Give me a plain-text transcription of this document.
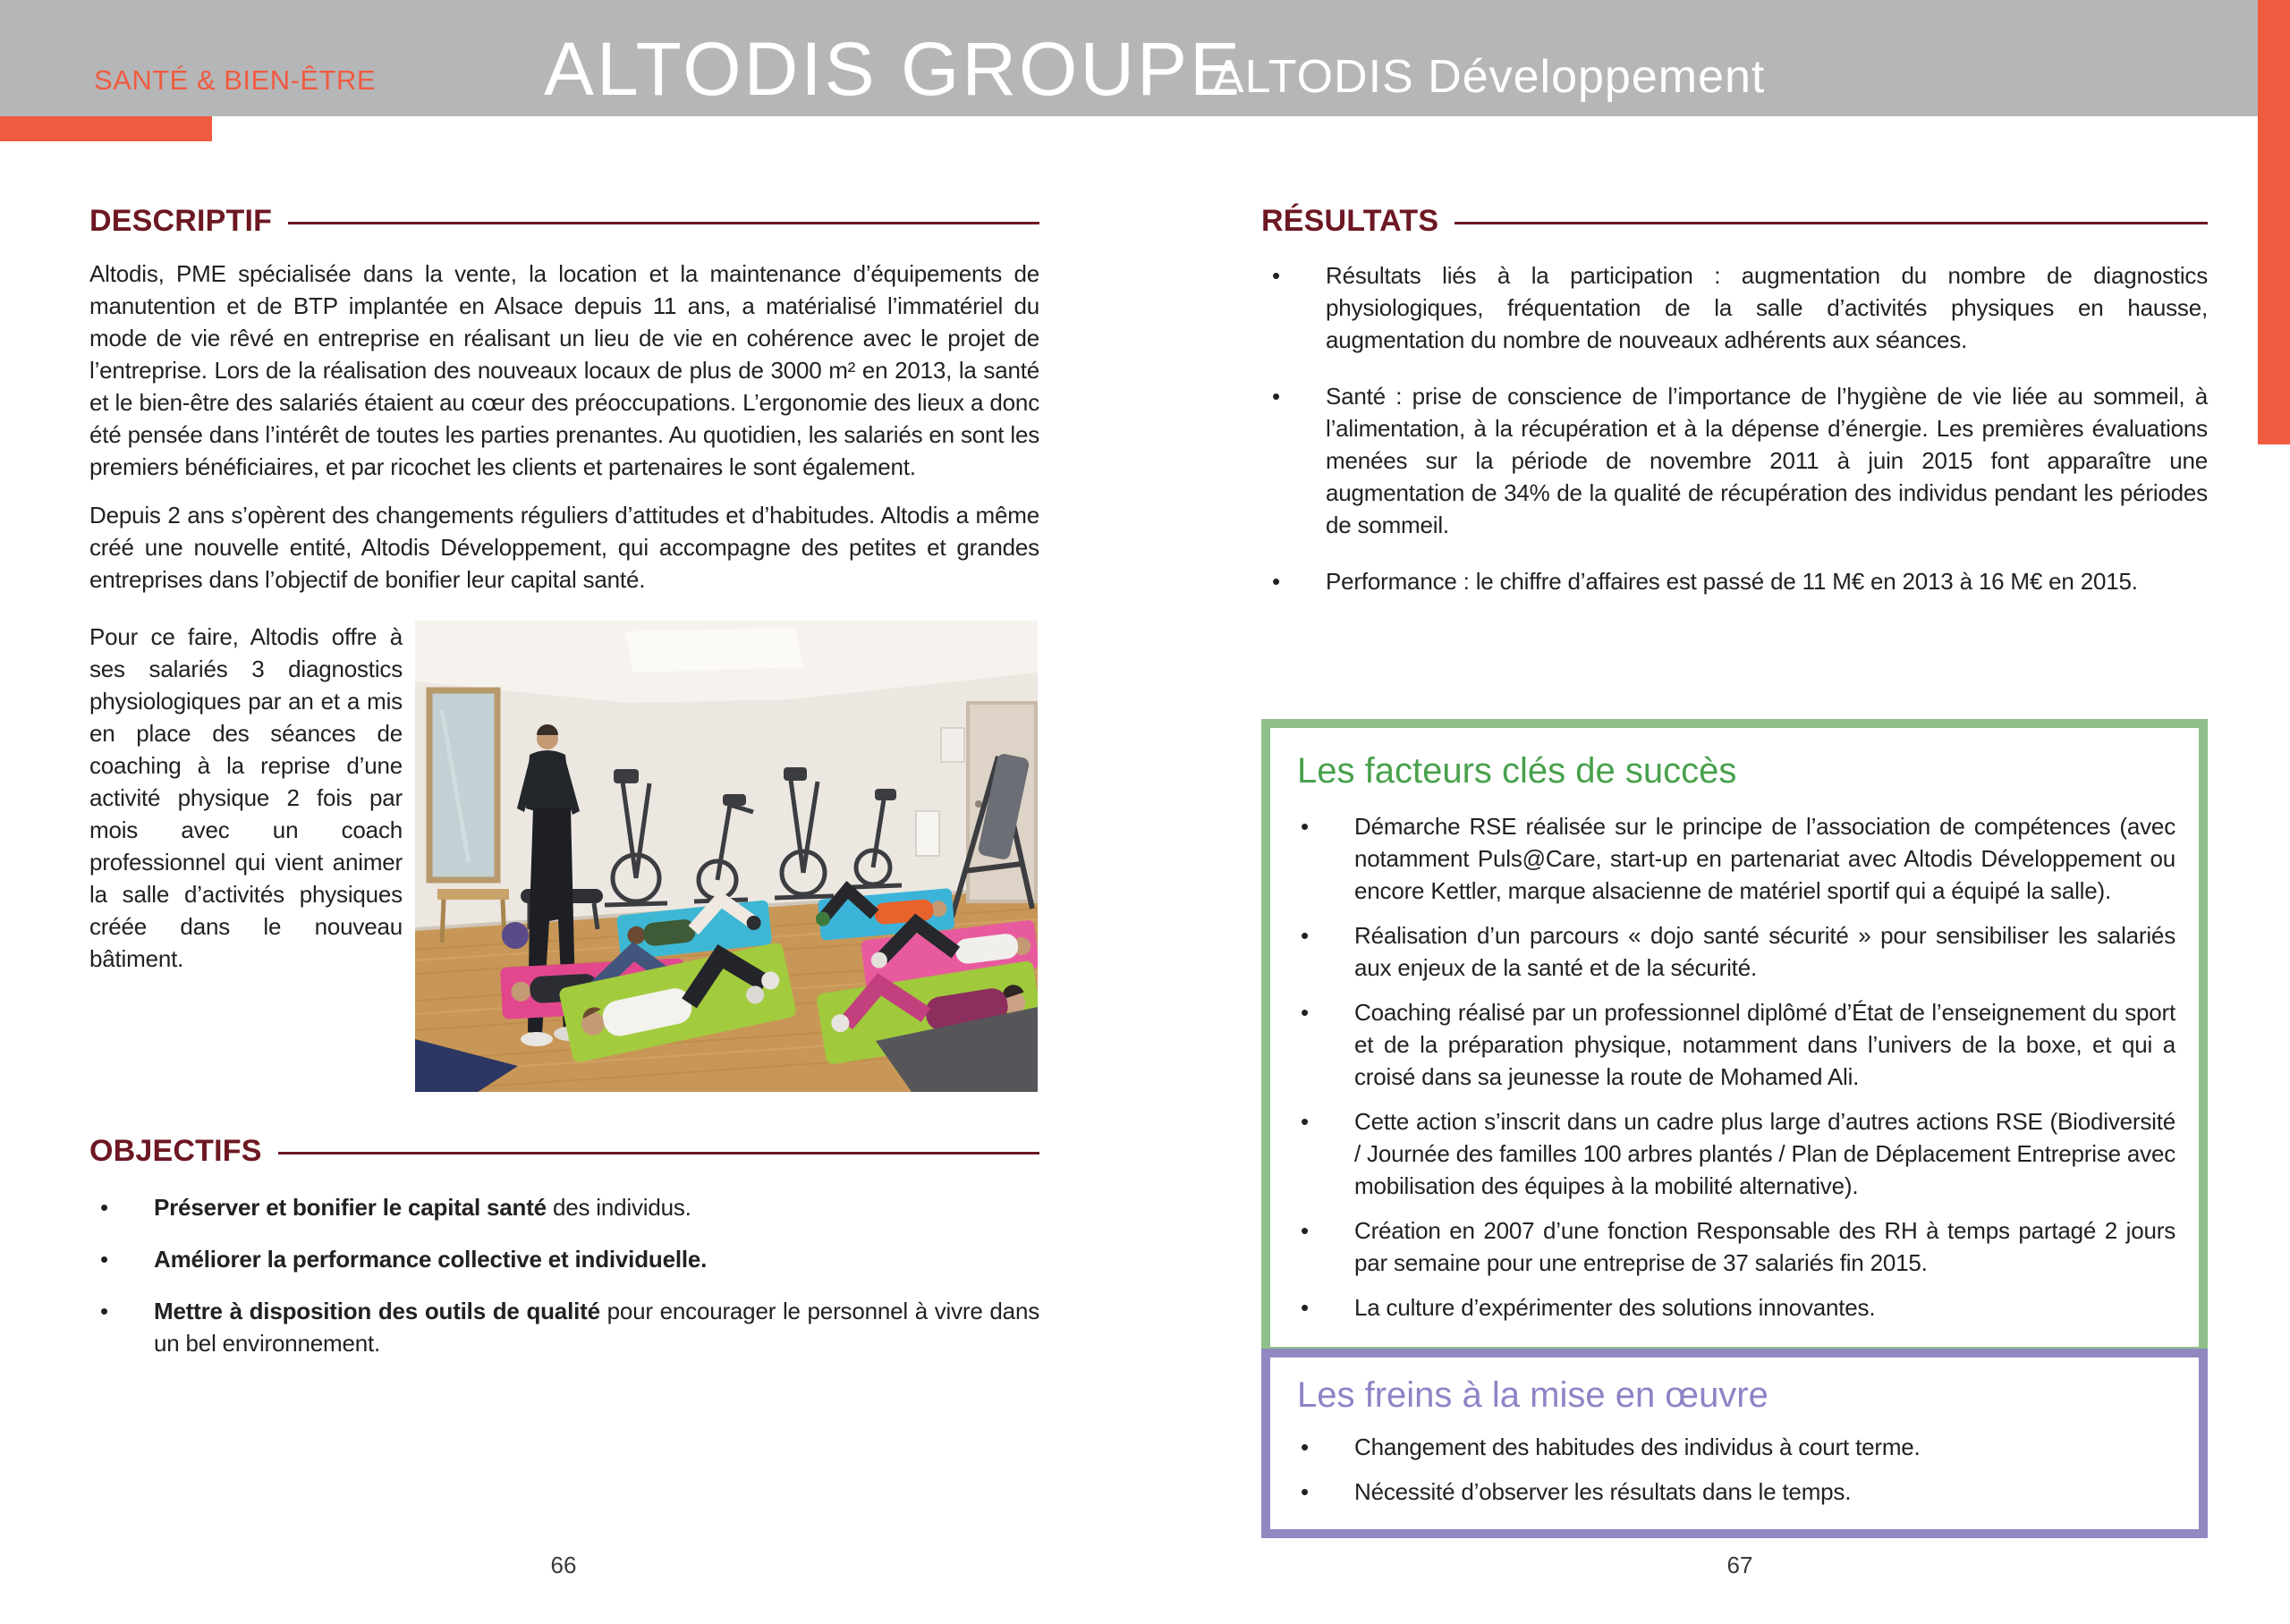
SANTÉ & BIEN-ÊTRE ALTODIS GROUPE
ALTODIS Développement
DESCRIPTIF

Altodis, PME spécialisée dans la vente, la location et la maintenance d’équipements de manutention et de BTP implantée en Alsace depuis 11 ans, a matérialisé l’immatériel du mode de vie rêvé en entreprise en réalisant un lieu de vie en cohérence avec le projet de l’entreprise. Lors de la réalisation des nouveaux locaux de plus de 3000 m² en 2013, la santé et le bien-être des salariés étaient au cœur des préoccupations. L’ergonomie des lieux a donc été pensée dans l’intérêt de toutes les parties prenantes. Au quotidien, les salariés en sont les premiers bénéficiaires, et par ricochet les clients et partenaires le sont également.

Depuis 2 ans s’opèrent des changements réguliers d’attitudes et d’habitudes. Altodis a même créé une nouvelle entité, Altodis Développement, qui accompagne des petites et grandes entreprises dans l’objectif de bonifier leur capital santé.

Pour ce faire, Altodis offre à ses salariés 3 diagnostics physiologiques par an et a mis en place des séances de coaching à la reprise d’une activité physique 2 fois par mois avec un coach professionnel qui vient animer la salle d’activités physiques créée dans le nouveau bâtiment.

OBJECTIFS
• Préserver et bonifier le capital santé des individus.
• Améliorer la performance collective et individuelle.
• Mettre à disposition des outils de qualité pour encourager le personnel à vivre dans un bel environnement.
RÉSULTATS
• Résultats liés à la participation : augmentation du nombre de diagnostics physiologiques, fréquentation de la salle d’activités physiques en hausse, augmentation du nombre de nouveaux adhérents aux séances.
• Santé : prise de conscience de l’importance de l’hygiène de vie liée au sommeil, à l’alimentation, à la récupération et à la dépense d’énergie. Les premières évaluations menées sur la période de novembre 2011 à juin 2015 font apparaître une augmentation de 34% de la qualité de récupération des individus pendant les périodes de sommeil.
• Performance : le chiffre d’affaires est passé de 11 M€ en 2013 à 16 M€ en 2015.
Les facteurs clés de succès
• Démarche RSE réalisée sur le principe de l’association de compétences (avec notamment Puls@Care, start-up en partenariat avec Altodis Développement ou encore Kettler, marque alsacienne de matériel sportif qui a équipé la salle).
• Réalisation d’un parcours « dojo santé sécurité » pour sensibiliser les salariés aux enjeux de la santé et de la sécurité.
• Coaching réalisé par un professionnel diplômé d’État de l’enseignement du sport et de la préparation physique, notamment dans l’univers de la boxe, et qui a croisé dans sa jeunesse la route de Mohamed Ali.
• Cette action s’inscrit dans un cadre plus large d’autres actions RSE (Biodiversité / Journée des familles 100 arbres plantés / Plan de Déplacement Entreprise avec mobilisation des équipes à la mobilité alternative).
• Création en 2007 d’une fonction Responsable des RH à temps partagé 2 jours par semaine pour une entreprise de 37 salariés fin 2015.
• La culture d’expérimenter des solutions innovantes.
Les freins à la mise en œuvre
• Changement des habitudes des individus à court terme.
• Nécessité d’observer les résultats dans le temps.
66	67
